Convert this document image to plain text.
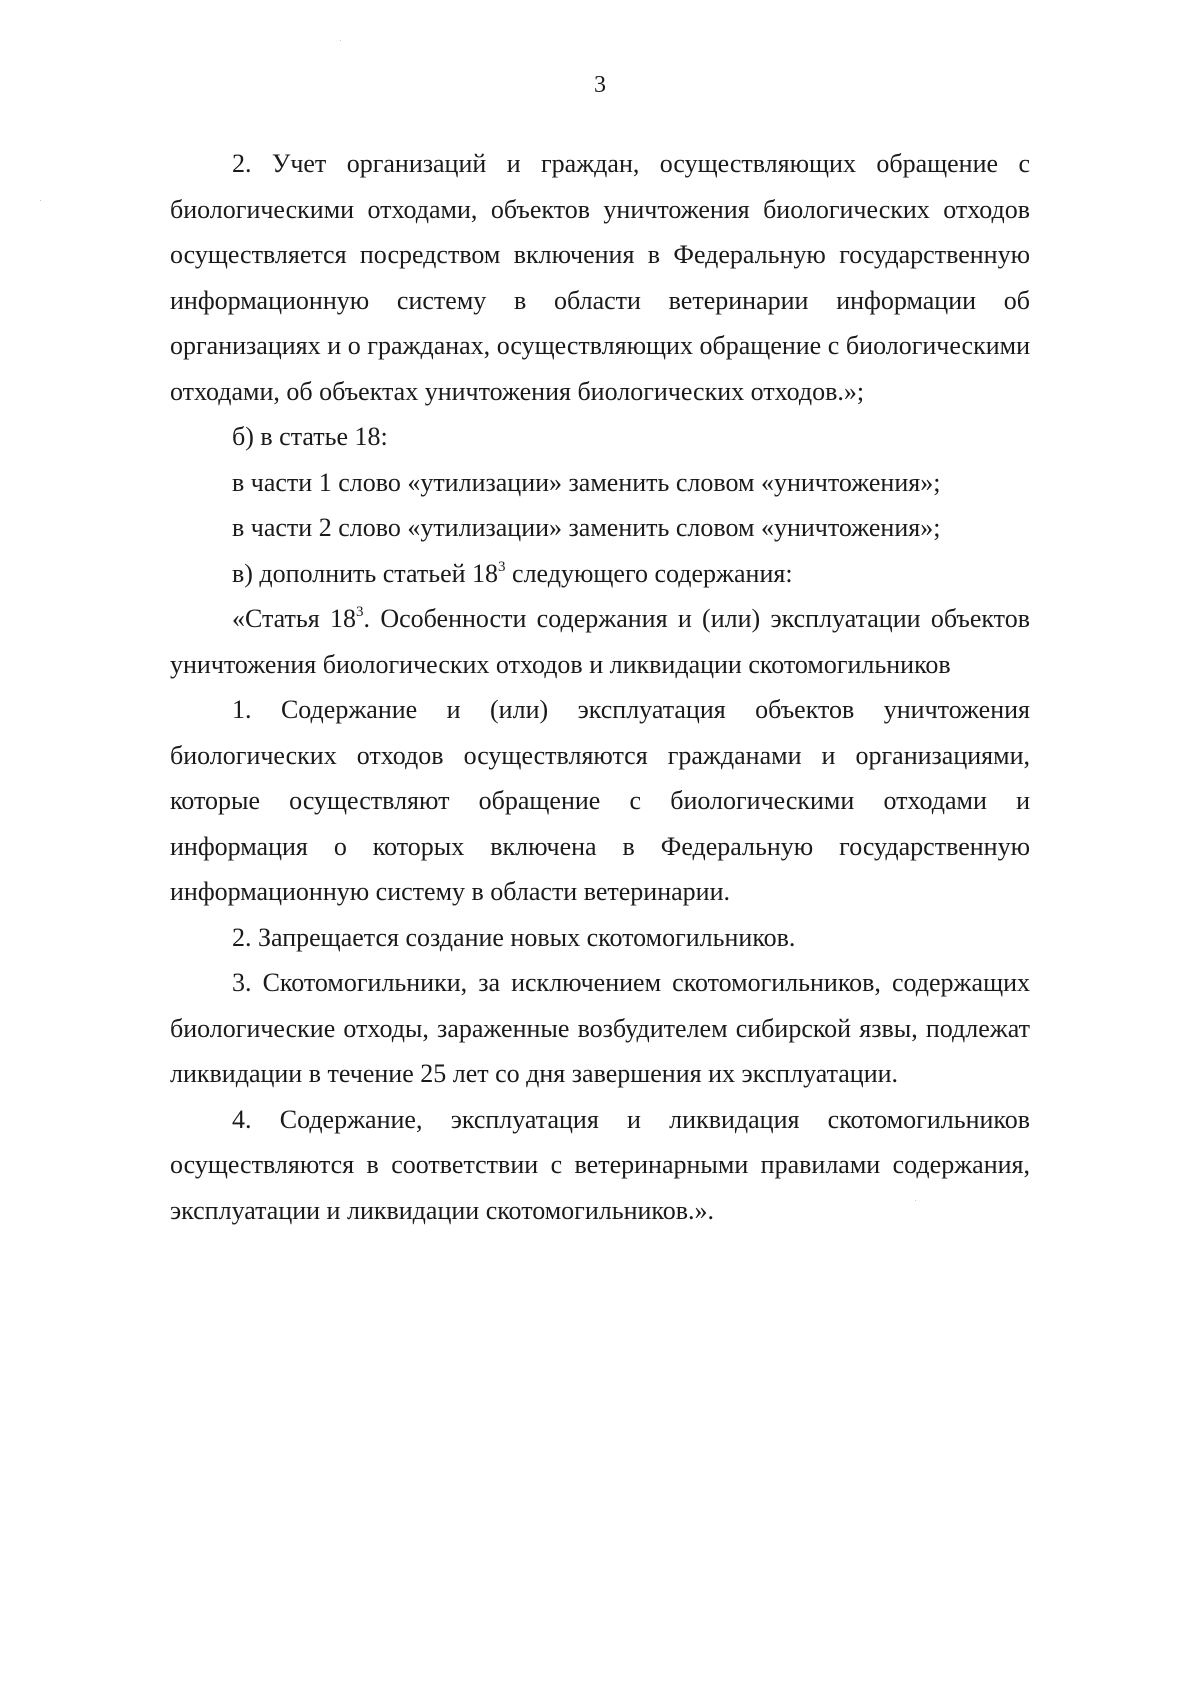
3
2. Учет организаций и граждан, осуществляющих обращение с
биологическими отходами, объектов уничтожения биологических отходов
осуществляется посредством включения в Федеральную государственную
информационную систему в области ветеринарии информации об
организациях и о гражданах, осуществляющих обращение с биологическими
отходами, об объектах уничтожения биологических отходов.»;
б) в статье 18:
в части 1 слово «утилизации» заменить словом «уничтожения»;
в части 2 слово «утилизации» заменить словом «уничтожения»;
в) дополнить статьей $18^3$ следующего содержания:
«Статья $18^3$. Особенности содержания и (или) эксплуатации объектов
уничтожения биологических отходов и ликвидации скотомогильников
1. Содержание и (или) эксплуатация объектов уничтожения
биологических отходов осуществляются гражданами и организациями,
которые осуществляют обращение с биологическими отходами и
информация о которых включена в Федеральную государственную
информационную систему в области ветеринарии.
2. Запрещается создание новых скотомогильников.
3. Скотомогильники, за исключением скотомогильников, содержащих
биологические отходы, зараженные возбудителем сибирской язвы, подлежат
ликвидации в течение 25 лет со дня завершения их эксплуатации.
4. Содержание, эксплуатация и ликвидация скотомогильников
осуществляются в соответствии с ветеринарными правилами содержания,
эксплуатации и ликвидации скотомогильников.».
